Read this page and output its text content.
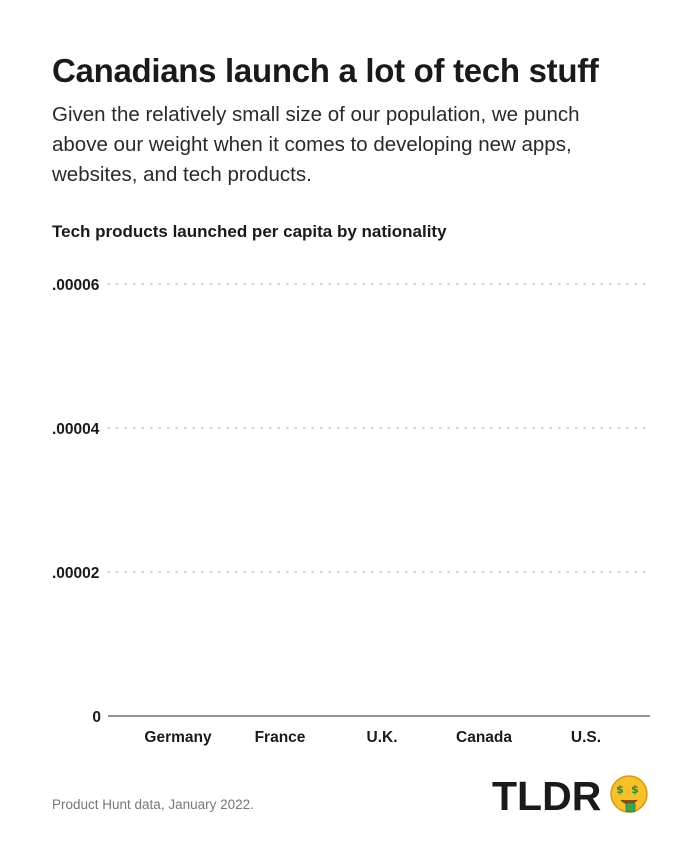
Canadians launch a lot of tech stuff

Given the relatively small size of our population, we punch above our weight when it comes to developing new apps, websites, and tech products.

Tech products launched per capita by nationality
0
.00002
.00004
.00006
Germany	France	U.K.	Canada	U.S.
Product Hunt data, January 2022.	TLDR $ $
